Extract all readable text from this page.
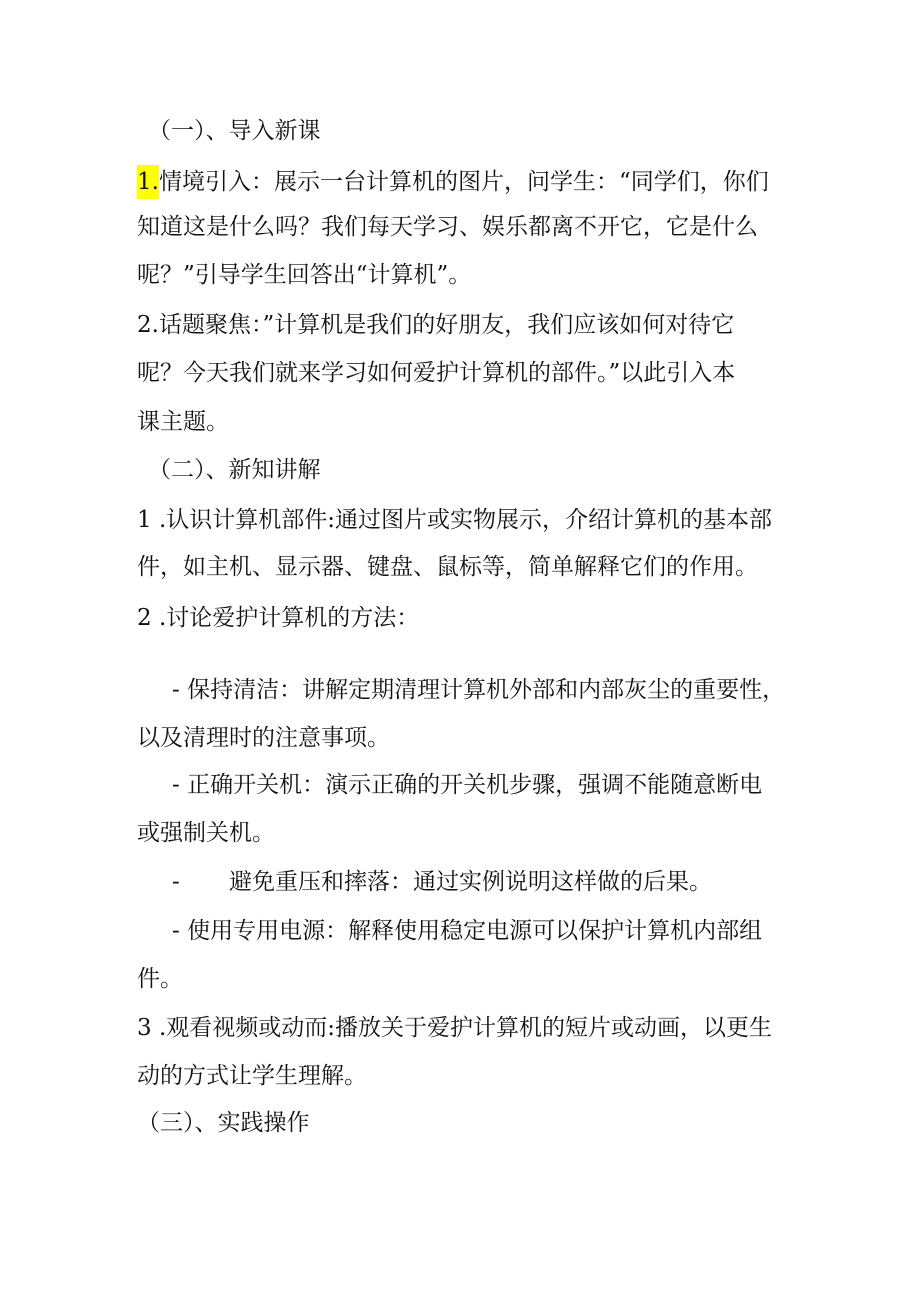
（一）、导入新课
1.情境引入：展示一台计算机的图片，问学生：“同学们，你们
知道这是什么吗？我们每天学习、娱乐都离不开它，它是什么
呢？”引导学生回答出“计算机”。
2.话题聚焦：”计算机是我们的好朋友，我们应该如何对待它
呢？今天我们就来学习如何爱护计算机的部件。”以此引入本
课主题。
（二）、新知讲解
1 .认识计算机部件:通过图片或实物展示，介绍计算机的基本部
件，如主机、显示器、键盘、鼠标等，简单解释它们的作用。
2 .讨论爱护计算机的方法：
- 保持清洁：讲解定期清理计算机外部和内部灰尘的重要性，
以及清理时的注意事项。
- 正确开关机：演示正确的开关机步骤，强调不能随意断电
或强制关机。
- 避免重压和摔落：通过实例说明这样做的后果。
- 使用专用电源：解释使用稳定电源可以保护计算机内部组
件。
3 .观看视频或动而:播放关于爱护计算机的短片或动画，以更生
动的方式让学生理解。
（三）、实践操作
